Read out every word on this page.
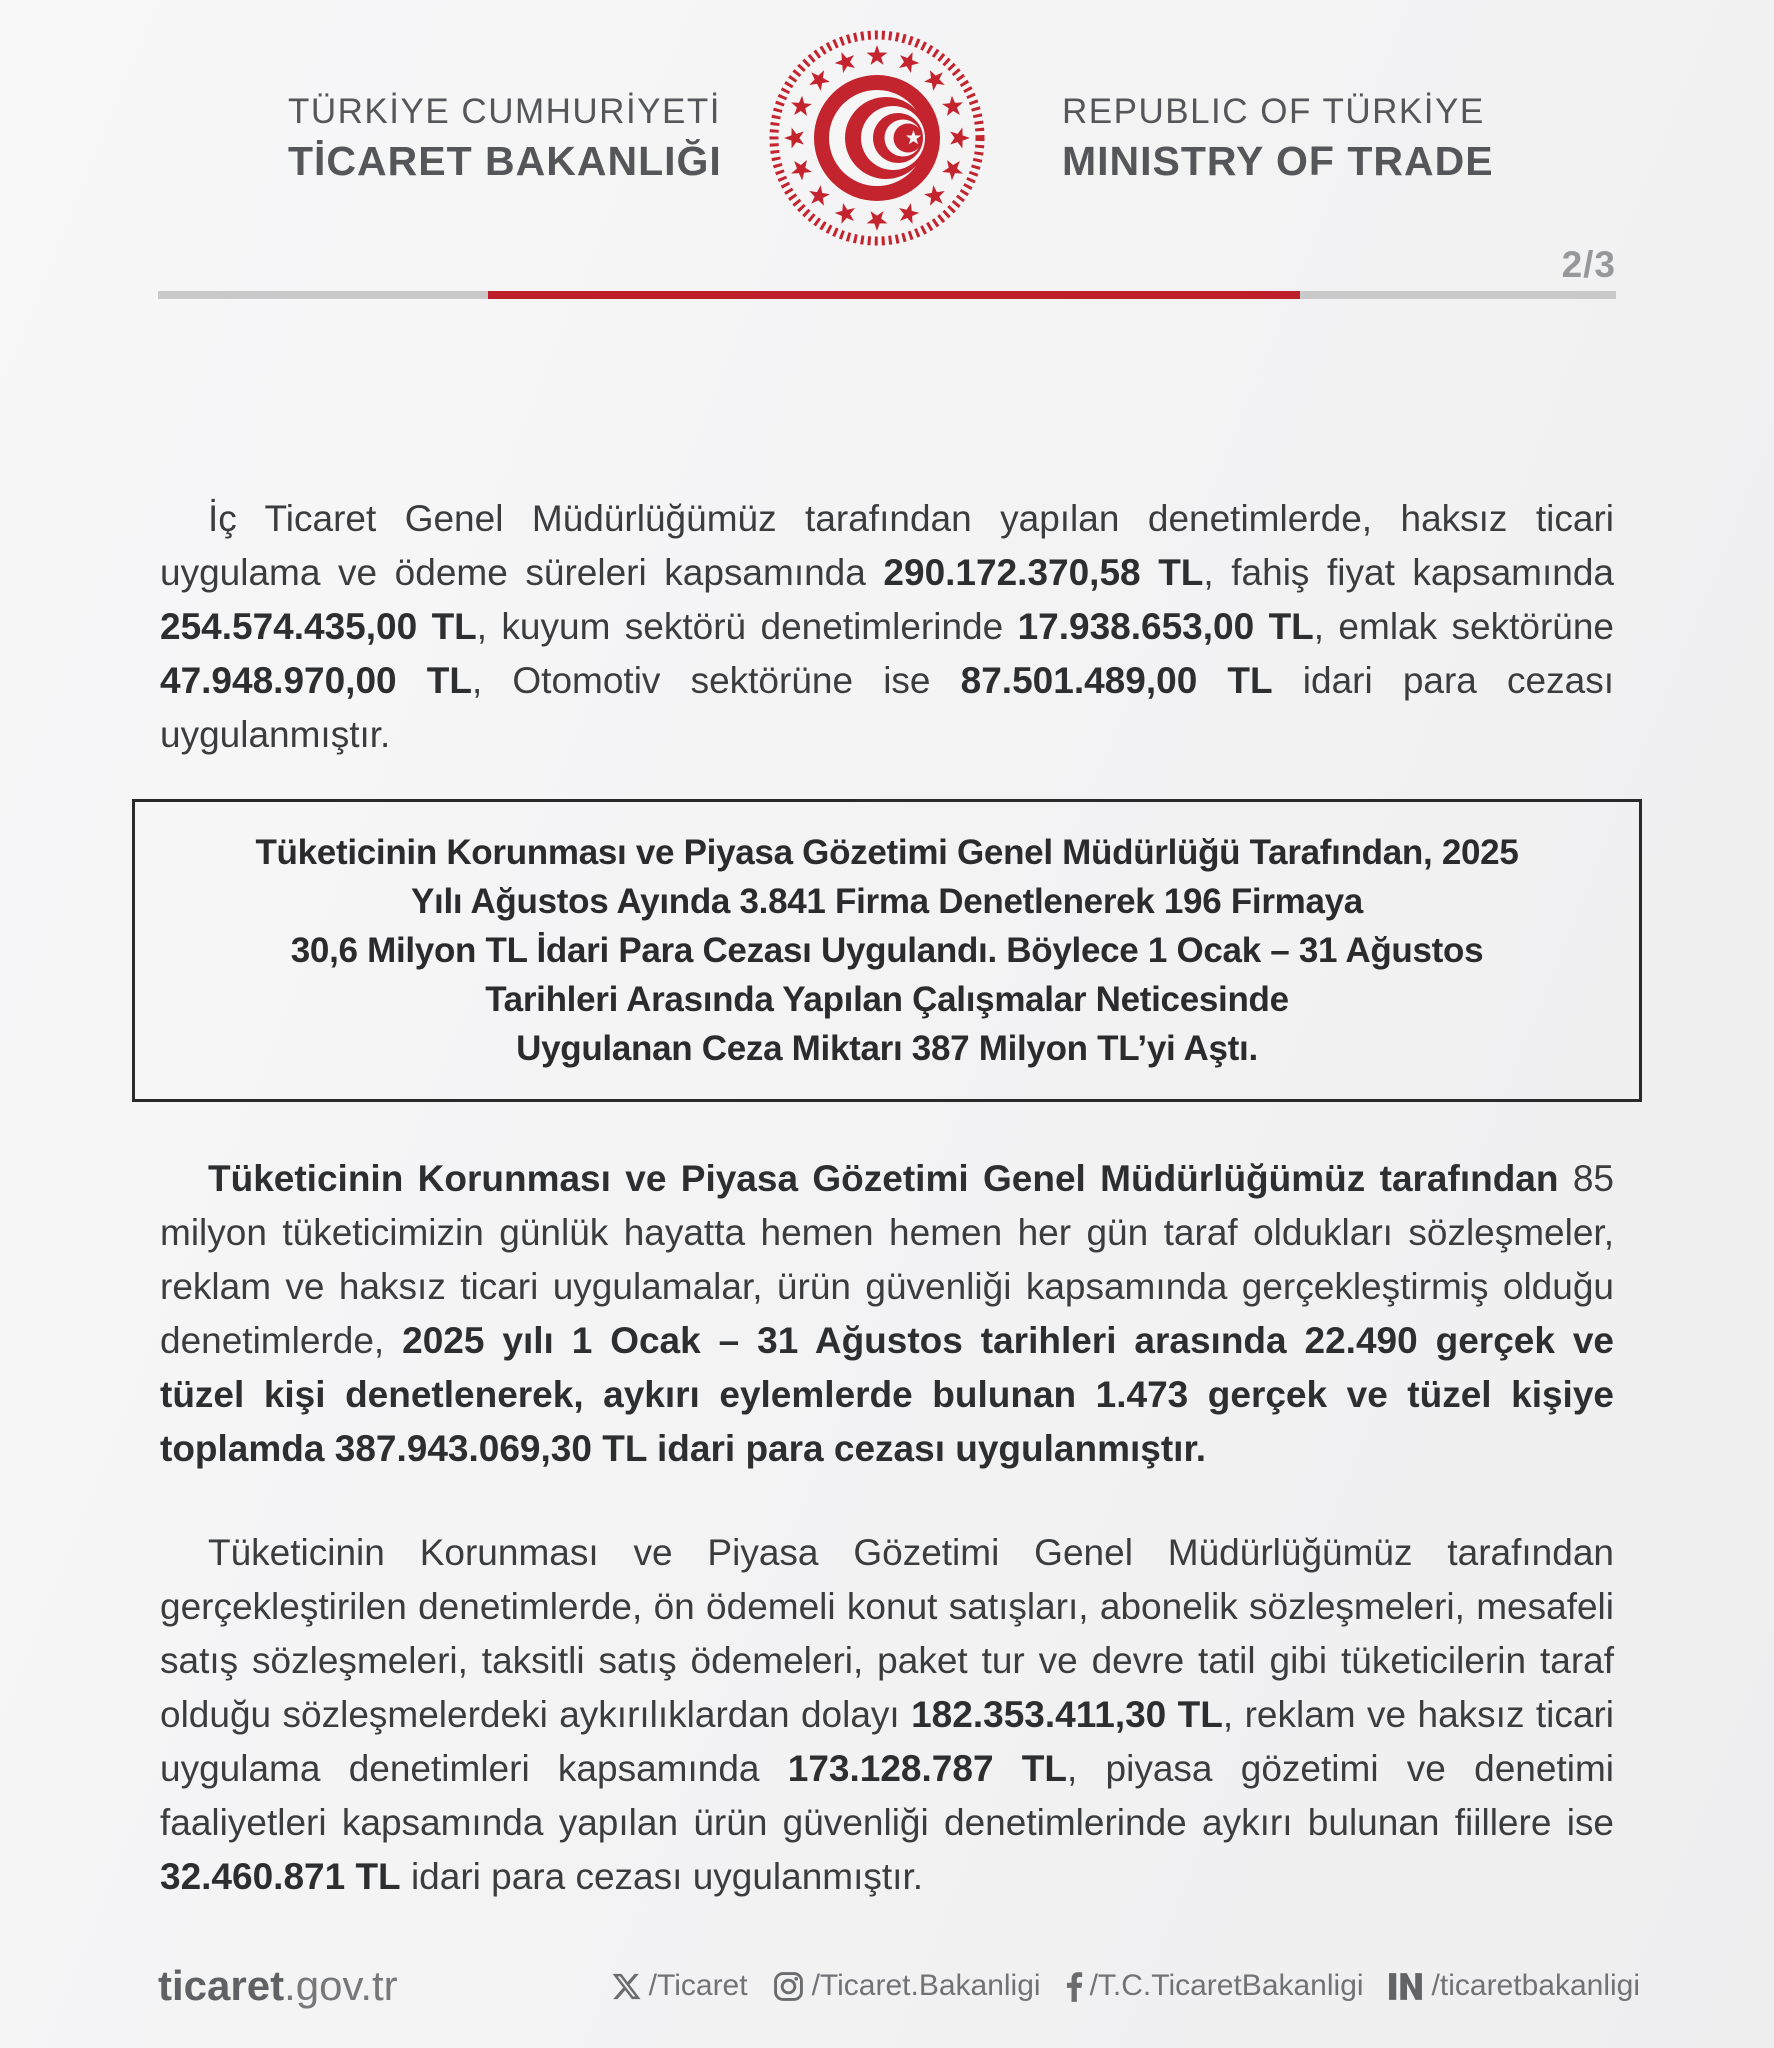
TÜRKİYE CUMHURİYETİ
TİCARET BAKANLIĞI
REPUBLIC OF TÜRKİYE
MINISTRY OF TRADE
2/3

İç Ticaret Genel Müdürlüğümüz tarafından yapılan denetimlerde, haksız ticari uygulama ve ödeme süreleri kapsamında 290.172.370,58 TL, fahiş fiyat kapsamında 254.574.435,00 TL, kuyum sektörü denetimlerinde 17.938.653,00 TL, emlak sektörüne 47.948.970,00 TL, Otomotiv sektörüne ise 87.501.489,00 TL idari para cezası uygulanmıştır.

Tüketicinin Korunması ve Piyasa Gözetimi Genel Müdürlüğü Tarafından, 2025
Yılı Ağustos Ayında 3.841 Firma Denetlenerek 196 Firmaya
30,6 Milyon TL İdari Para Cezası Uygulandı. Böylece 1 Ocak – 31 Ağustos
Tarihleri Arasında Yapılan Çalışmalar Neticesinde
Uygulanan Ceza Miktarı 387 Milyon TL’yi Aştı.

Tüketicinin Korunması ve Piyasa Gözetimi Genel Müdürlüğümüz tarafından 85 milyon tüketicimizin günlük hayatta hemen hemen her gün taraf oldukları sözleşmeler, reklam ve haksız ticari uygulamalar, ürün güvenliği kapsamında gerçekleştirmiş olduğu denetimlerde, 2025 yılı 1 Ocak – 31 Ağustos tarihleri arasında 22.490 gerçek ve tüzel kişi denetlenerek, aykırı eylemlerde bulunan 1.473 gerçek ve tüzel kişiye toplamda 387.943.069,30 TL idari para cezası uygulanmıştır.

Tüketicinin Korunması ve Piyasa Gözetimi Genel Müdürlüğümüz tarafından gerçekleştirilen denetimlerde, ön ödemeli konut satışları, abonelik sözleşmeleri, mesafeli satış sözleşmeleri, taksitli satış ödemeleri, paket tur ve devre tatil gibi tüketicilerin taraf olduğu sözleşmelerdeki aykırılıklardan dolayı 182.353.411,30 TL, reklam ve haksız ticari uygulama denetimleri kapsamında 173.128.787 TL, piyasa gözetimi ve denetimi faaliyetleri kapsamında yapılan ürün güvenliği denetimlerinde aykırı bulunan fiillere ise 32.460.871 TL idari para cezası uygulanmıştır.

ticaret.gov.tr	/Ticaret /Ticaret.Bakanligi /T.C.TicaretBakanligi /ticaretbakanligi
